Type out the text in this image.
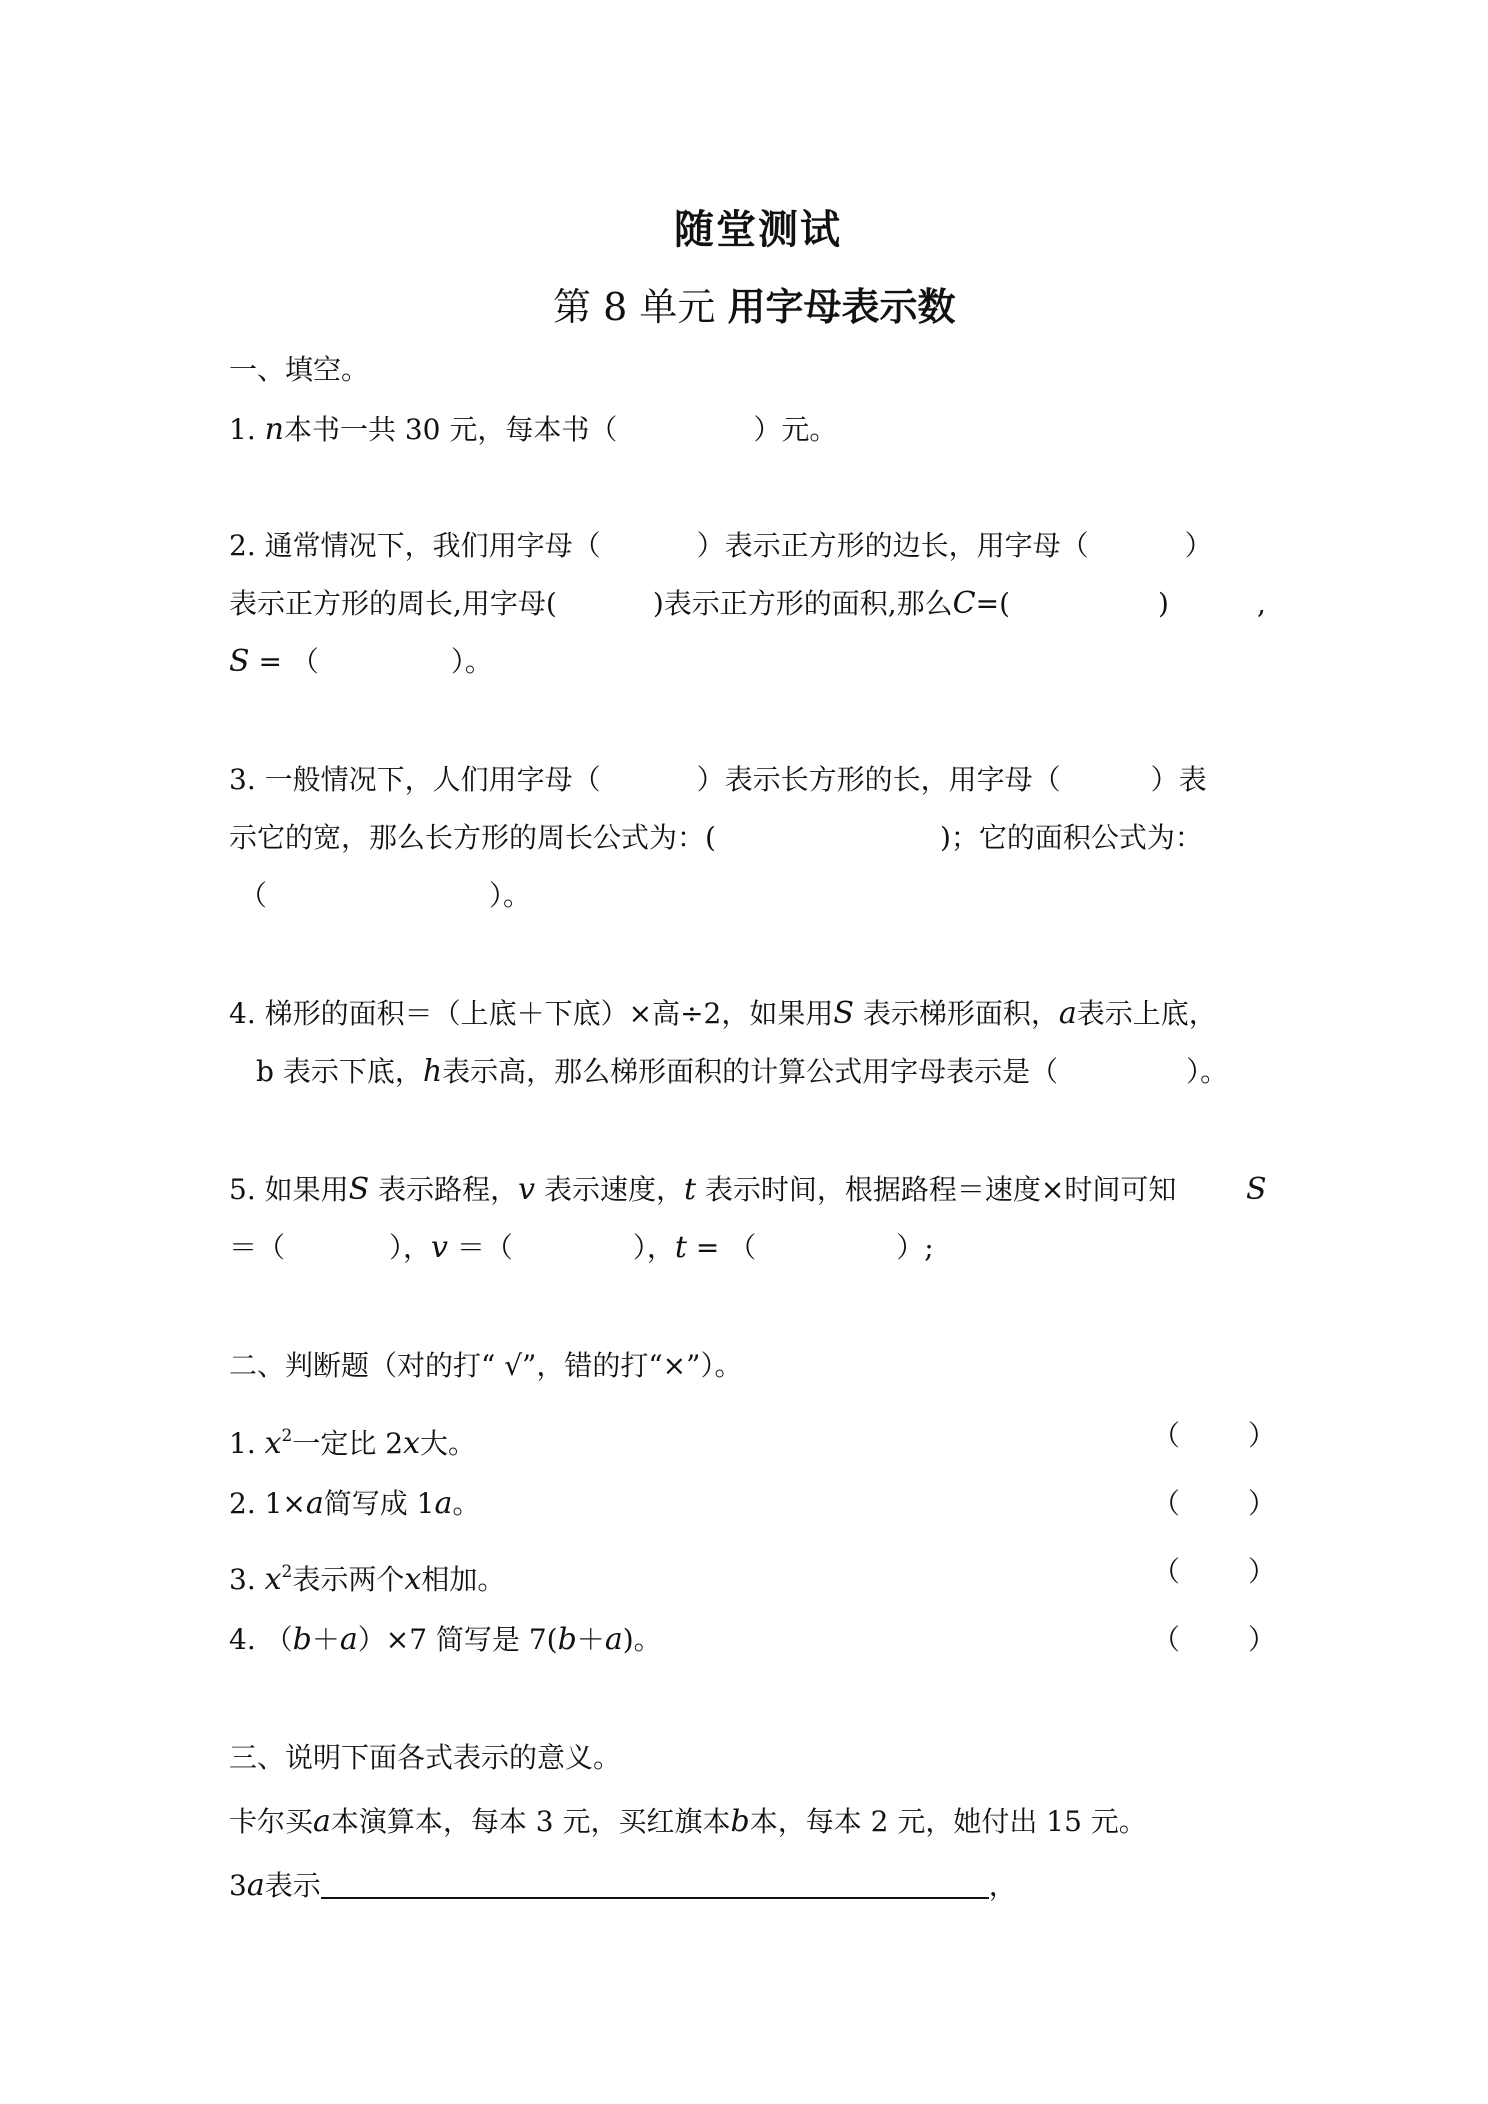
随堂测试
第 8 单元 用字母表示数
一、填空。
1. n本书一共 30 元，每本书（	）元。
2. 通常情况下，我们用字母（	）表示正方形的边长，用字母（	）
表示正方形的周长,用字母(	)表示正方形的面积,那么C=(	)	,
S = （	）。
3. 一般情况下，人们用字母（	）表示长方形的长，用字母（	）表
示它的宽，那么长方形的周长公式为：(	)；它的面积公式为：
（	）。
4. 梯形的面积＝（上底＋下底）×高÷2，如果用S 表示梯形面积，a表示上底，
b 表示下底，h表示高，那么梯形面积的计算公式用字母表示是（	）。
5. 如果用S 表示路程，v 表示速度，t 表示时间，根据路程＝速度×时间可知 S
＝（	），v ＝（	），t = （	）;
二、判断题（对的打“ √”，错的打“×”）。
1. $x^2$一定比 2x大。	（ ）
2. 1×a简写成 1a。	（ ）
3. $x^2$表示两个x相加。	（ ）
4. （b＋a）×7 简写是 7(b＋a)。	（ ）
三、说明下面各式表示的意义。
卡尔买a本演算本，每本 3 元，买红旗本b本，每本 2 元，她付出 15 元。
3a表示	，
